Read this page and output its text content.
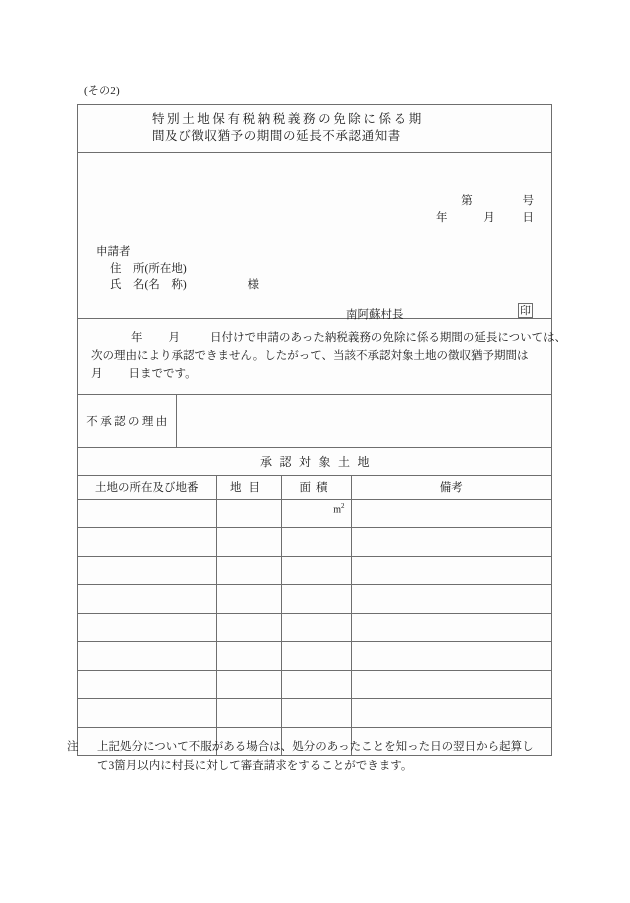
(その2)
特別土地保有税納税義務の免除に係る期
間及び徴収猶予の期間の延長不承認通知書
第	号
年	月 日
申請者
住　所(所在地)
氏　名(名　称)	様
南阿蘇村長	印
年 月	日付けで申請のあった納税義務の免除に係る期間の延長については、
次の理由により承認できません。したがって、当該不承認対象土地の徴収猶予期間は
月 日までです。
不承認の理由
承認対象土地
土地の所在及び地番	地目	面積	備考

		$m^2$

注 上記処分について不服がある場合は、処分のあったことを知った日の翌日から起算し
て3箇月以内に村長に対して審査請求をすることができます。
